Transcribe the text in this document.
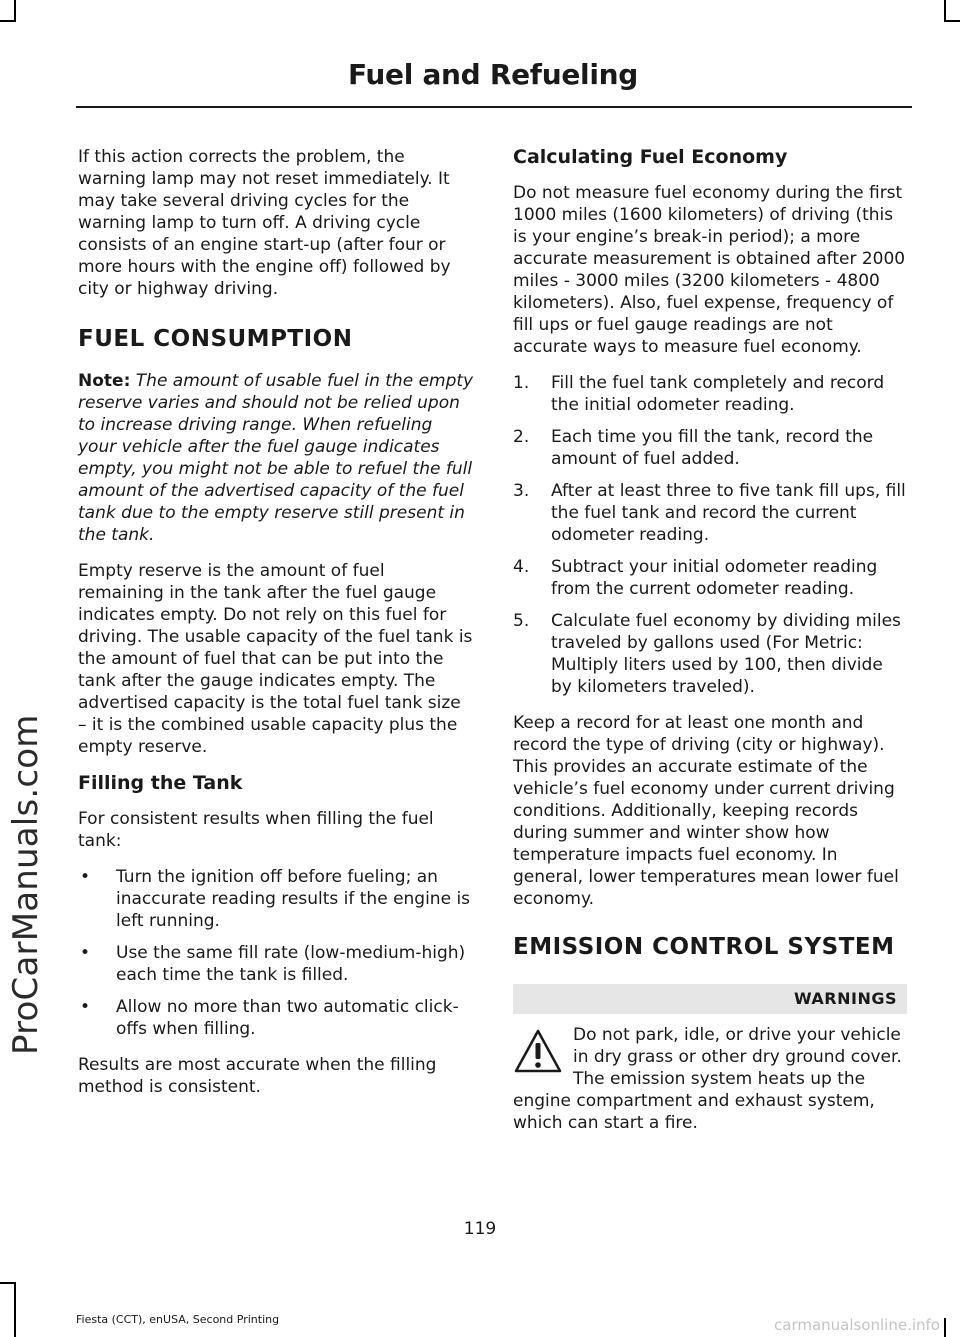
Fuel and Refueling
ProCarManuals.com

If this action corrects the problem, the warning lamp may not reset immediately. It may take several driving cycles for the warning lamp to turn off. A driving cycle consists of an engine start-up (after four or more hours with the engine off) followed by city or highway driving.

FUEL CONSUMPTION

Note: The amount of usable fuel in the empty reserve varies and should not be relied upon to increase driving range. When refueling your vehicle after the fuel gauge indicates empty, you might not be able to refuel the full amount of the advertised capacity of the fuel tank due to the empty reserve still present in the tank.

Empty reserve is the amount of fuel remaining in the tank after the fuel gauge indicates empty. Do not rely on this fuel for driving. The usable capacity of the fuel tank is the amount of fuel that can be put into the tank after the gauge indicates empty. The advertised capacity is the total fuel tank size – it is the combined usable capacity plus the empty reserve.

Filling the Tank

For consistent results when filling the fuel tank:

• Turn the ignition off before fueling; an inaccurate reading results if the engine is left running.
• Use the same fill rate (low-medium-high) each time the tank is filled.
• Allow no more than two automatic click-offs when filling.

Results are most accurate when the filling method is consistent.

Calculating Fuel Economy

Do not measure fuel economy during the first 1000 miles (1600 kilometers) of driving (this is your engine’s break-in period); a more accurate measurement is obtained after 2000 miles - 3000 miles (3200 kilometers - 4800 kilometers). Also, fuel expense, frequency of fill ups or fuel gauge readings are not accurate ways to measure fuel economy.

1. Fill the fuel tank completely and record the initial odometer reading.
2. Each time you fill the tank, record the amount of fuel added.
3. After at least three to five tank fill ups, fill the fuel tank and record the current odometer reading.
4. Subtract your initial odometer reading from the current odometer reading.
5. Calculate fuel economy by dividing miles traveled by gallons used (For Metric: Multiply liters used by 100, then divide by kilometers traveled).

Keep a record for at least one month and record the type of driving (city or highway). This provides an accurate estimate of the vehicle’s fuel economy under current driving conditions. Additionally, keeping records during summer and winter show how temperature impacts fuel economy. In general, lower temperatures mean lower fuel economy.

EMISSION CONTROL SYSTEM
WARNINGS

Do not park, idle, or drive your vehicle in dry grass or other dry ground cover. The emission system heats up the engine compartment and exhaust system, which can start a fire.

119
Fiesta (CCT), enUSA, Second Printing	carmanualsonline.info
